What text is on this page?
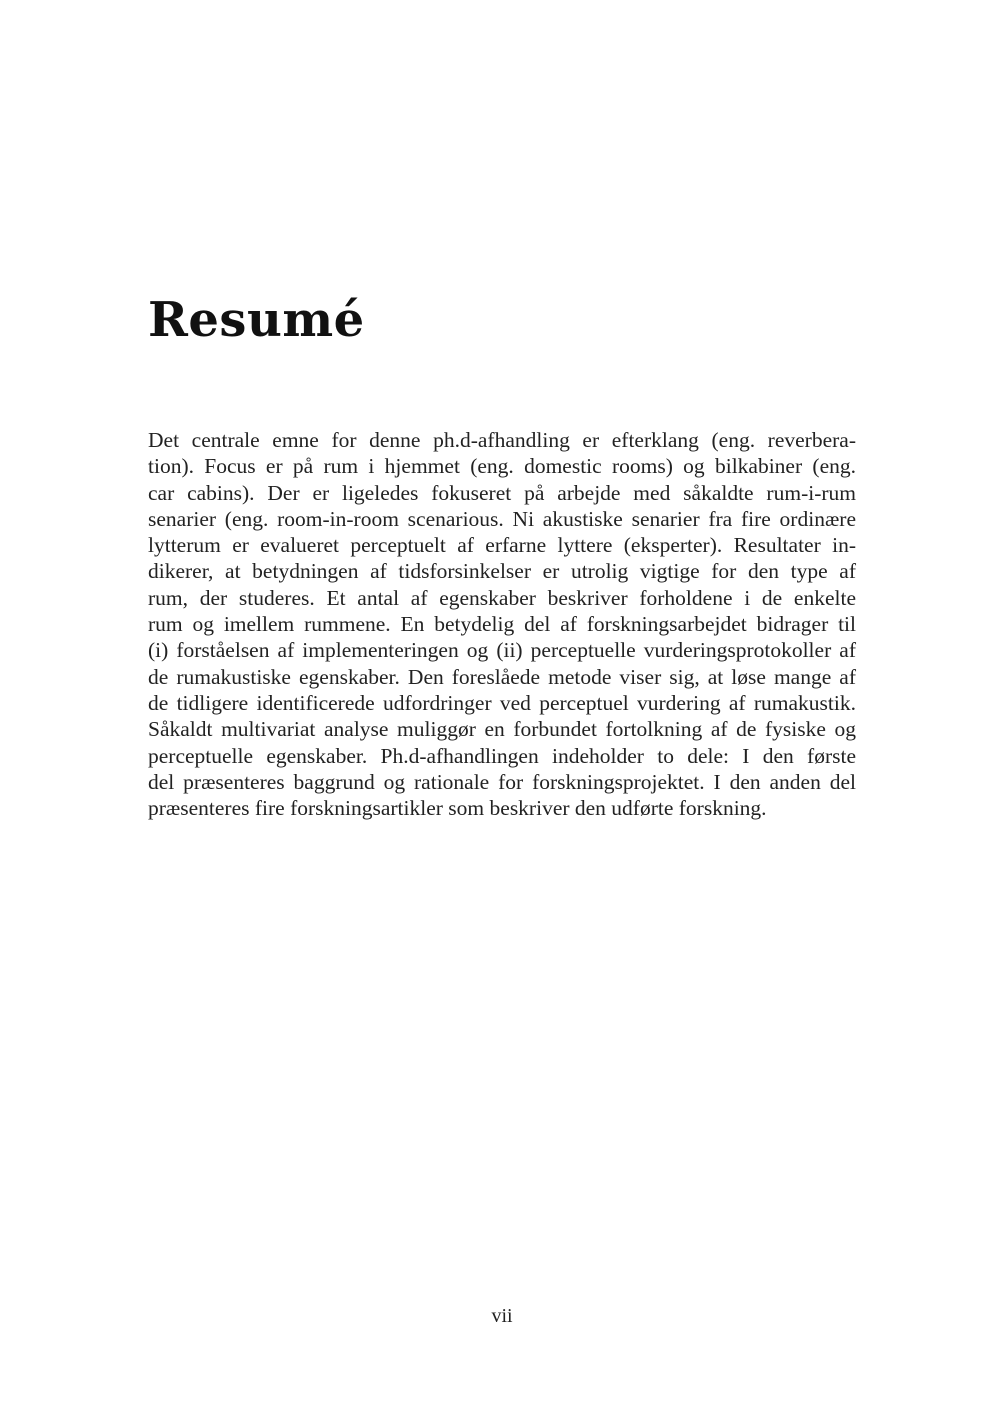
Resumé
Det centrale emne for denne ph.d-afhandling er efterklang (eng. reverbera-
tion). Focus er på rum i hjemmet (eng. domestic rooms) og bilkabiner (eng.
car cabins). Der er ligeledes fokuseret på arbejde med såkaldte rum-i-rum
senarier (eng. room-in-room scenarious. Ni akustiske senarier fra fire ordinære
lytterum er evalueret perceptuelt af erfarne lyttere (eksperter). Resultater in-
dikerer, at betydningen af tidsforsinkelser er utrolig vigtige for den type af
rum, der studeres. Et antal af egenskaber beskriver forholdene i de enkelte
rum og imellem rummene. En betydelig del af forskningsarbejdet bidrager til
(i) forståelsen af implementeringen og (ii) perceptuelle vurderingsprotokoller af
de rumakustiske egenskaber. Den foreslåede metode viser sig, at løse mange af
de tidligere identificerede udfordringer ved perceptuel vurdering af rumakustik.
Såkaldt multivariat analyse muliggør en forbundet fortolkning af de fysiske og
perceptuelle egenskaber. Ph.d-afhandlingen indeholder to dele: I den første
del præsenteres baggrund og rationale for forskningsprojektet. I den anden del
præsenteres fire forskningsartikler som beskriver den udførte forskning.
vii
